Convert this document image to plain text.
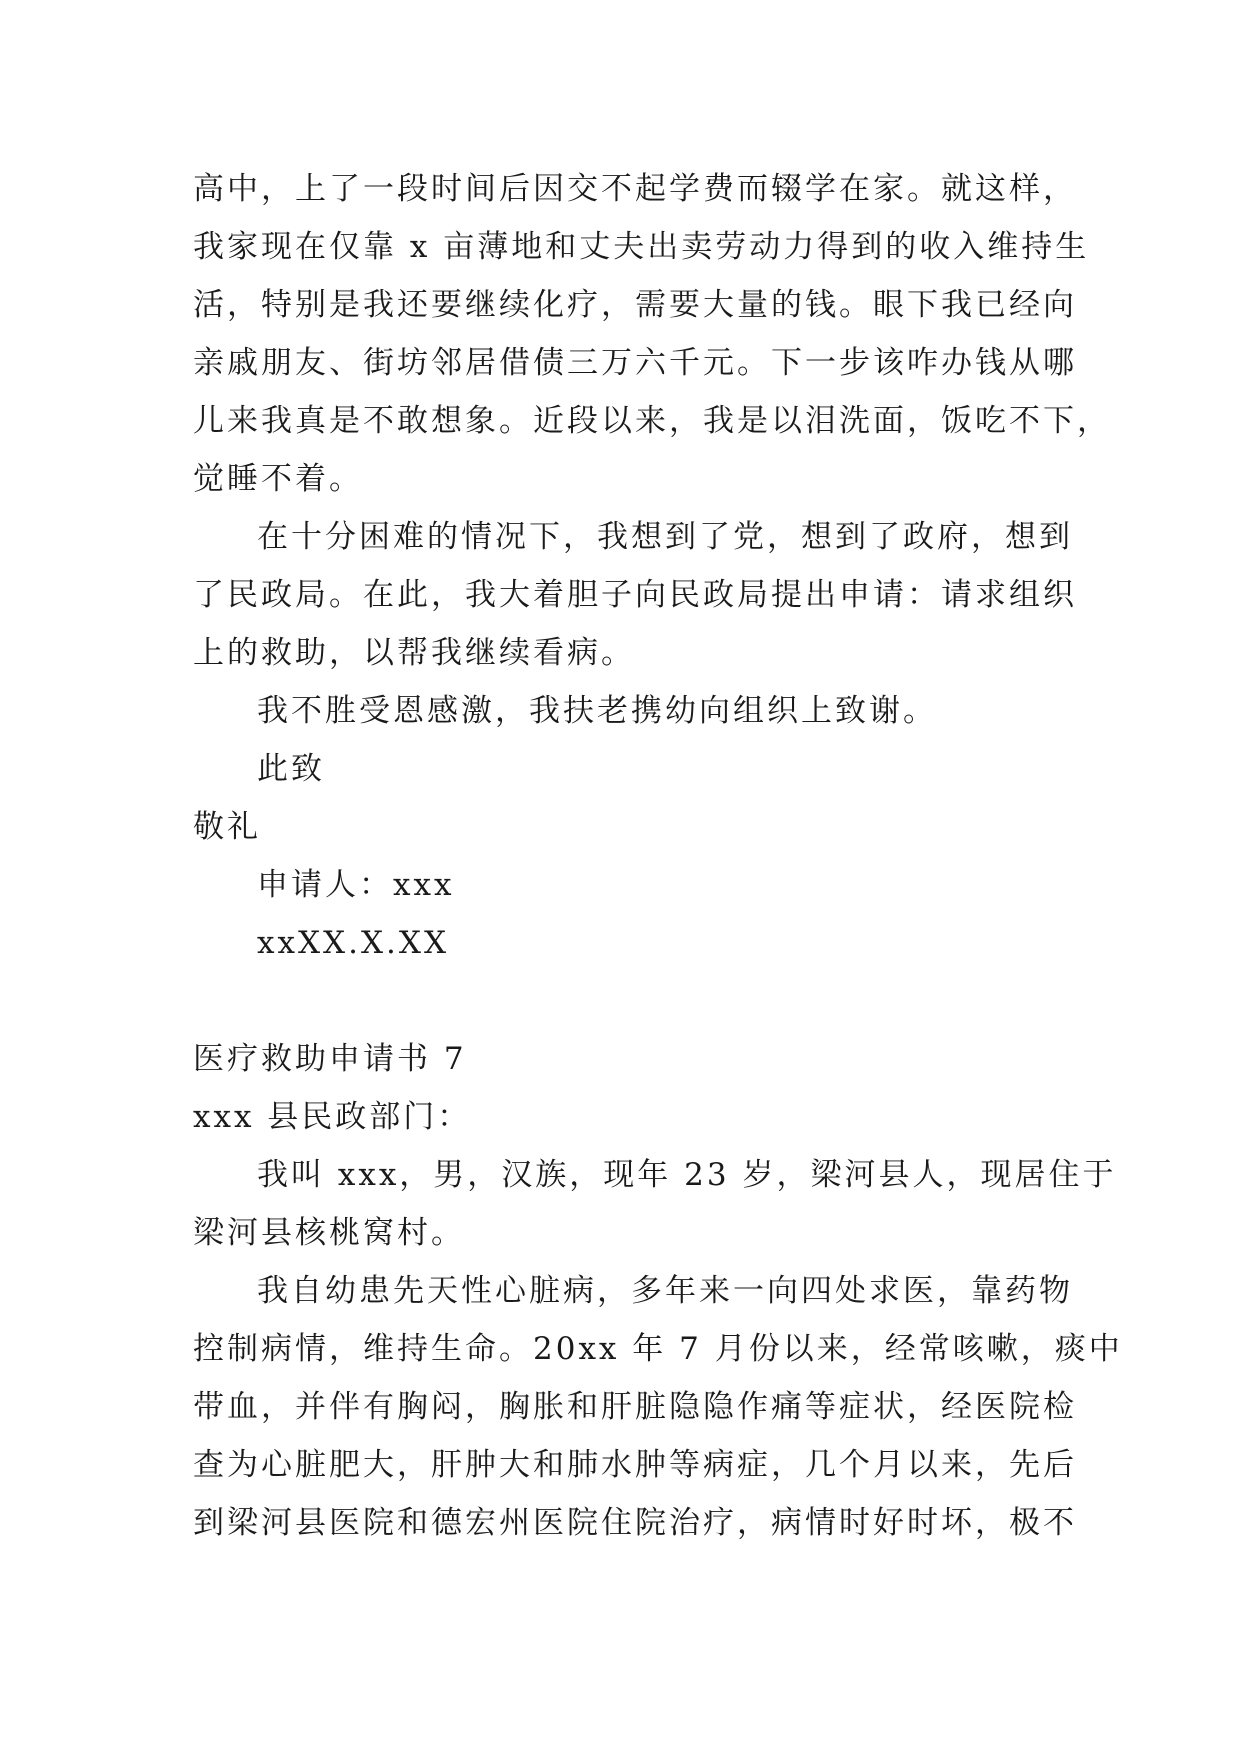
高中，上了一段时间后因交不起学费而辍学在家。就这样，
我家现在仅靠 x 亩薄地和丈夫出卖劳动力得到的收入维持生
活，特别是我还要继续化疗，需要大量的钱。眼下我已经向
亲戚朋友、街坊邻居借债三万六千元。下一步该咋办钱从哪
儿来我真是不敢想象。近段以来，我是以泪洗面，饭吃不下，
觉睡不着。
在十分困难的情况下，我想到了党，想到了政府，想到
了民政局。在此，我大着胆子向民政局提出申请：请求组织
上的救助，以帮我继续看病。
我不胜受恩感激，我扶老携幼向组织上致谢。
此致
敬礼
申请人：xxx
xxXX.X.XX
医疗救助申请书 7
xxx 县民政部门：
我叫 xxx，男，汉族，现年 23 岁，梁河县人，现居住于
梁河县核桃窝村。
我自幼患先天性心脏病，多年来一向四处求医，靠药物
控制病情，维持生命。20xx 年 7 月份以来，经常咳嗽，痰中
带血，并伴有胸闷，胸胀和肝脏隐隐作痛等症状，经医院检
查为心脏肥大，肝肿大和肺水肿等病症，几个月以来，先后
到梁河县医院和德宏州医院住院治疗，病情时好时坏，极不
